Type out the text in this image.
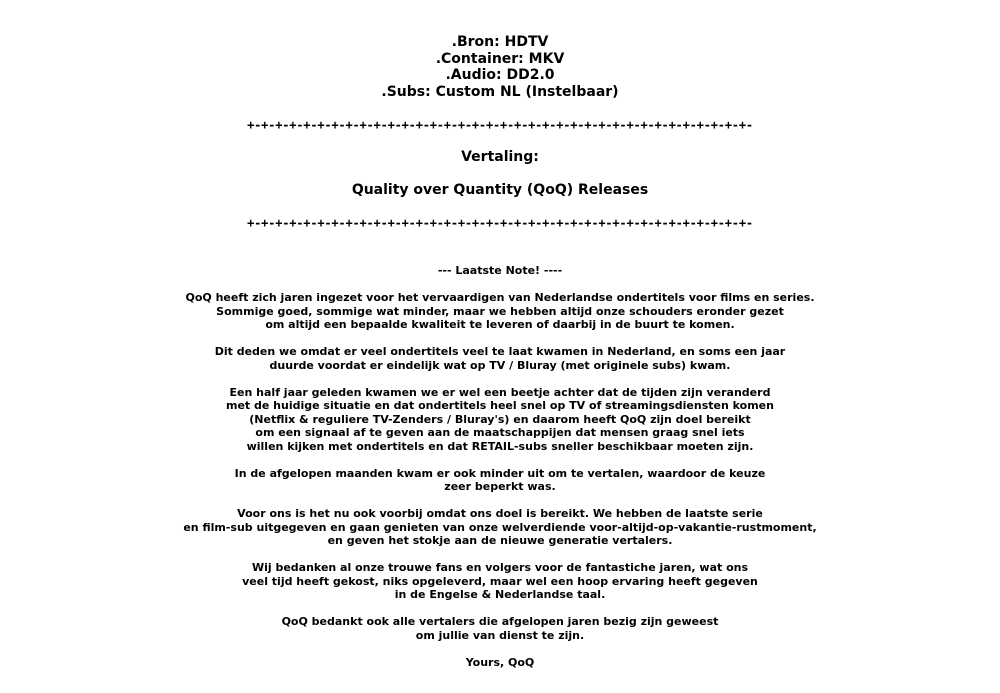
.Bron: HDTV
.Container: MKV
.Audio: DD2.0
.Subs: Custom NL (Instelbaar)
+-+-+-+-+-+-+-+-+-+-+-+-+-+-+-+-+-+-+-+-+-+-+-+-+-+-+-+-+-+-+-+-+-+-+-+-
Vertaling:
Quality over Quantity (QoQ) Releases
+-+-+-+-+-+-+-+-+-+-+-+-+-+-+-+-+-+-+-+-+-+-+-+-+-+-+-+-+-+-+-+-+-+-+-+-
--- Laatste Note! ----
QoQ heeft zich jaren ingezet voor het vervaardigen van Nederlandse ondertitels voor films en series.
Sommige goed, sommige wat minder, maar we hebben altijd onze schouders eronder gezet
om altijd een bepaalde kwaliteit te leveren of daarbij in de buurt te komen.
Dit deden we omdat er veel ondertitels veel te laat kwamen in Nederland, en soms een jaar
duurde voordat er eindelijk wat op TV / Bluray (met originele subs) kwam.
Een half jaar geleden kwamen we er wel een beetje achter dat de tijden zijn veranderd
met de huidige situatie en dat ondertitels heel snel op TV of streamingsdiensten komen
(Netflix & reguliere TV-Zenders / Bluray's) en daarom heeft QoQ zijn doel bereikt
om een signaal af te geven aan de maatschappijen dat mensen graag snel iets
willen kijken met ondertitels en dat RETAIL-subs sneller beschikbaar moeten zijn.
In de afgelopen maanden kwam er ook minder uit om te vertalen, waardoor de keuze
zeer beperkt was.
Voor ons is het nu ook voorbij omdat ons doel is bereikt. We hebben de laatste serie
en film-sub uitgegeven en gaan genieten van onze welverdiende voor-altijd-op-vakantie-rustmoment,
en geven het stokje aan de nieuwe generatie vertalers.
Wij bedanken al onze trouwe fans en volgers voor de fantastiche jaren, wat ons
veel tijd heeft gekost, niks opgeleverd, maar wel een hoop ervaring heeft gegeven
in de Engelse & Nederlandse taal.
QoQ bedankt ook alle vertalers die afgelopen jaren bezig zijn geweest
om jullie van dienst te zijn.
Yours, QoQ
